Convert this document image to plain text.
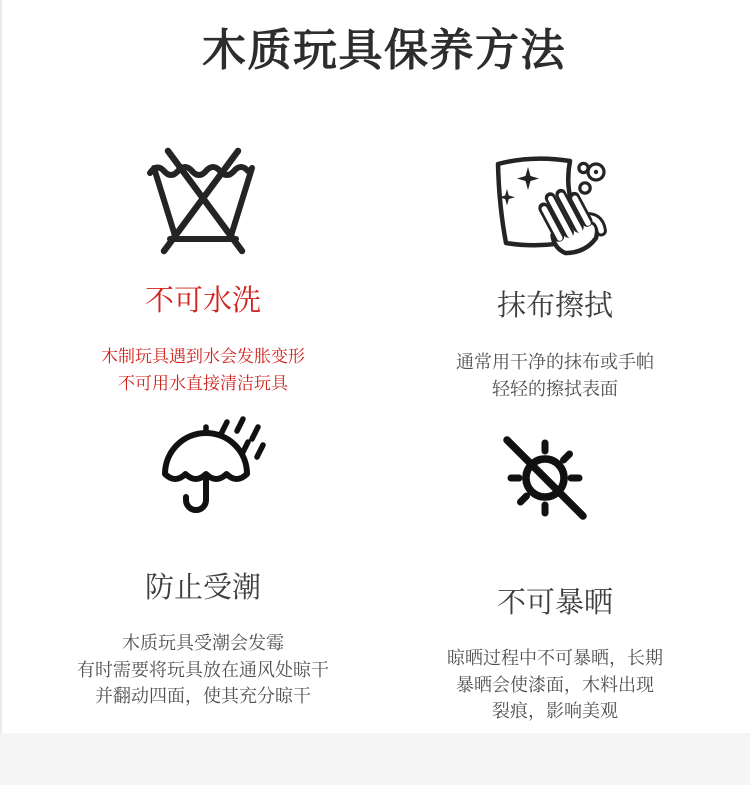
木质玩具保养方法
不可水洗
木制玩具遇到水会发胀变形
不可用水直接清洁玩具
抹布擦拭
通常用干净的抹布或手帕
轻轻的擦拭表面
防止受潮
木质玩具受潮会发霉
有时需要将玩具放在通风处晾干
并翻动四面，使其充分晾干
不可暴晒
晾晒过程中不可暴晒，长期
暴晒会使漆面，木料出现
裂痕，影响美观
